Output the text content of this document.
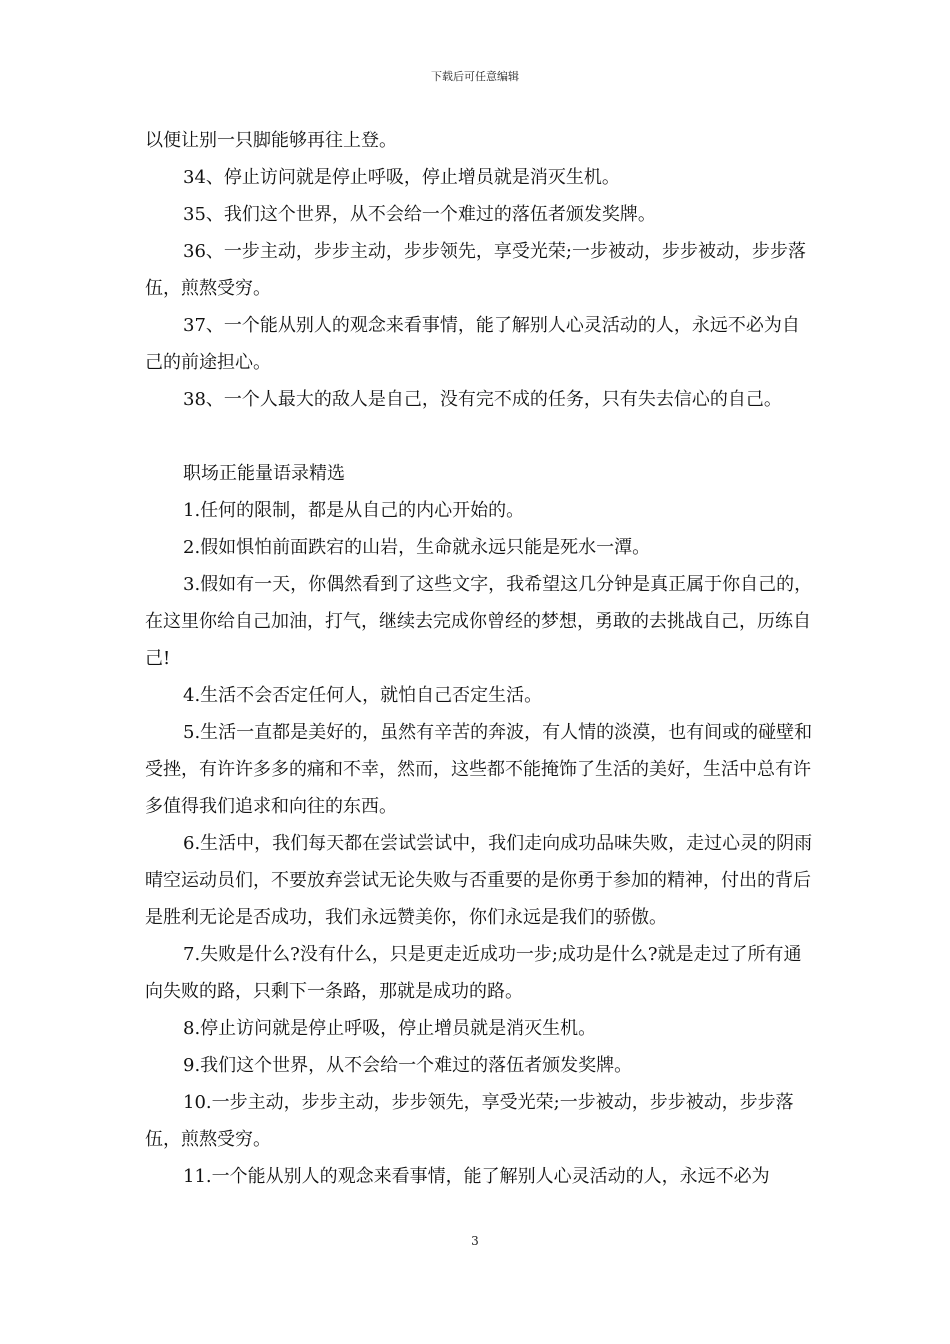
下载后可任意编辑

以便让别一只脚能够再往上登。

34、停止访问就是停止呼吸，停止增员就是消灭生机。

35、我们这个世界，从不会给一个难过的落伍者颁发奖牌。

36、一步主动，步步主动，步步领先，享受光荣;一步被动，步步被动，步步落伍，煎熬受穷。

37、一个能从别人的观念来看事情，能了解别人心灵活动的人，永远不必为自己的前途担心。

38、一个人最大的敌人是自己，没有完不成的任务，只有失去信心的自己。

职场正能量语录精选

1.任何的限制，都是从自己的内心开始的。

2.假如惧怕前面跌宕的山岩，生命就永远只能是死水一潭。

3.假如有一天，你偶然看到了这些文字，我希望这几分钟是真正属于你自己的，在这里你给自己加油，打气，继续去完成你曾经的梦想，勇敢的去挑战自己，历练自己!

4.生活不会否定任何人，就怕自己否定生活。

5.生活一直都是美好的，虽然有辛苦的奔波，有人情的淡漠，也有间或的碰壁和受挫，有许许多多的痛和不幸，然而，这些都不能掩饰了生活的美好，生活中总有许多值得我们追求和向往的东西。

6.生活中，我们每天都在尝试尝试中，我们走向成功品味失败，走过心灵的阴雨晴空运动员们，不要放弃尝试无论失败与否重要的是你勇于参加的精神，付出的背后是胜利无论是否成功，我们永远赞美你，你们永远是我们的骄傲。

7.失败是什么?没有什么，只是更走近成功一步;成功是什么?就是走过了所有通向失败的路，只剩下一条路，那就是成功的路。

8.停止访问就是停止呼吸，停止增员就是消灭生机。

9.我们这个世界，从不会给一个难过的落伍者颁发奖牌。

10.一步主动，步步主动，步步领先，享受光荣;一步被动，步步被动，步步落伍，煎熬受穷。

11.一个能从别人的观念来看事情，能了解别人心灵活动的人，永远不必为

3
